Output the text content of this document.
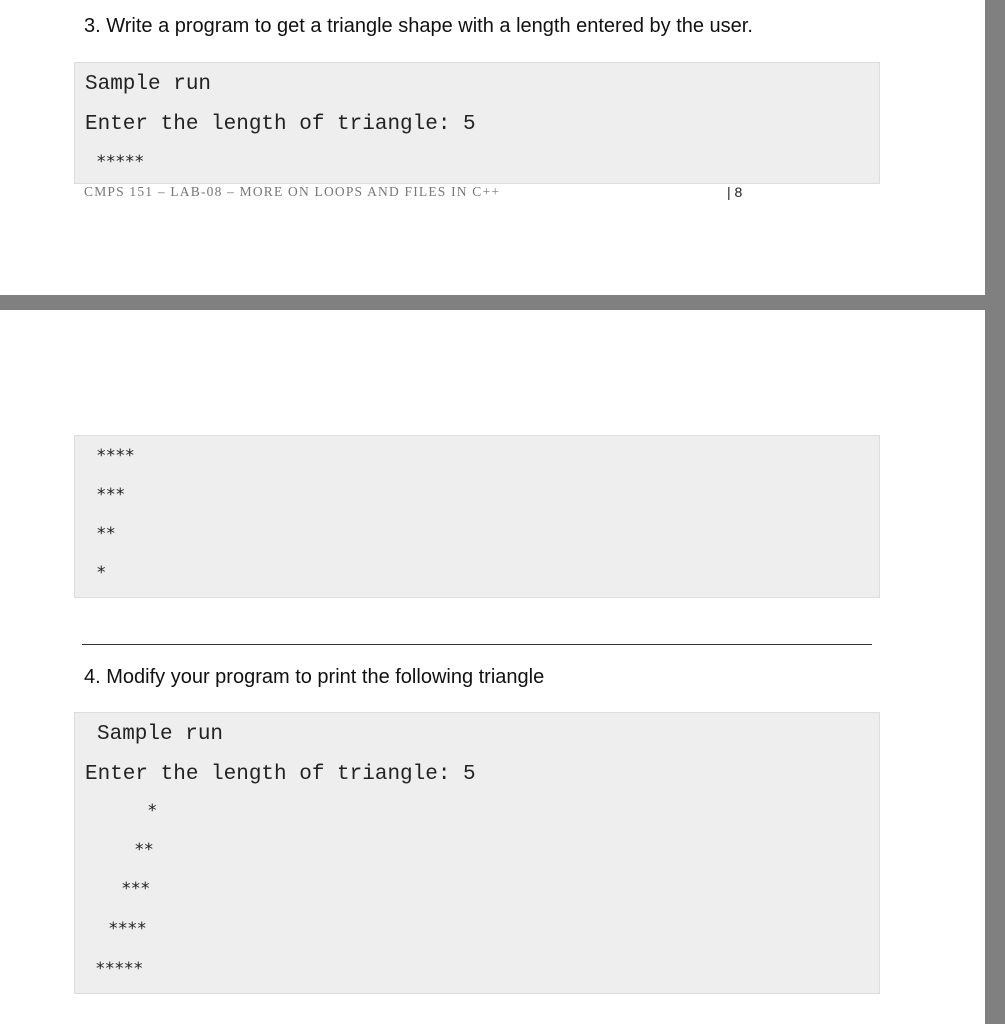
3. Write a program to get a triangle shape with a length entered by the user.

Sample run

Enter the length of triangle: 5

*****

CMPS 151 – LAB-08 – MORE ON LOOPS AND FILES IN C++	| 8

****

***

**

*

4. Modify your program to print the following triangle

Sample run

Enter the length of triangle: 5

*

**

***

****

*****
